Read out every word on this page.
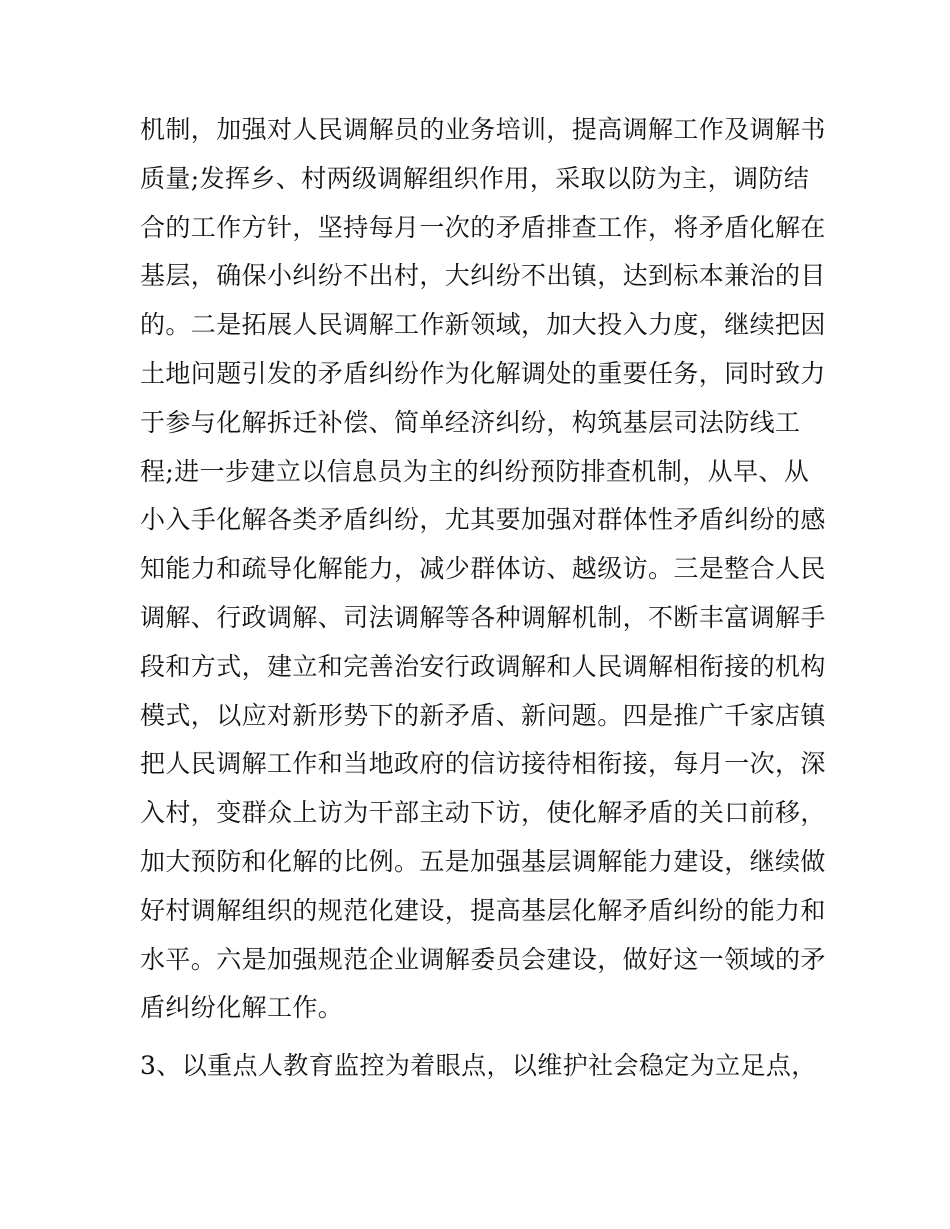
机制，加强对人民调解员的业务培训，提高调解工作及调解书
质量;发挥乡、村两级调解组织作用，采取以防为主，调防结
合的工作方针，坚持每月一次的矛盾排查工作，将矛盾化解在
基层，确保小纠纷不出村，大纠纷不出镇，达到标本兼治的目
的。二是拓展人民调解工作新领域，加大投入力度，继续把因
土地问题引发的矛盾纠纷作为化解调处的重要任务，同时致力
于参与化解拆迁补偿、简单经济纠纷，构筑基层司法防线工
程;进一步建立以信息员为主的纠纷预防排查机制，从早、从
小入手化解各类矛盾纠纷，尤其要加强对群体性矛盾纠纷的感
知能力和疏导化解能力，减少群体访、越级访。三是整合人民
调解、行政调解、司法调解等各种调解机制，不断丰富调解手
段和方式，建立和完善治安行政调解和人民调解相衔接的机构
模式，以应对新形势下的新矛盾、新问题。四是推广千家店镇
把人民调解工作和当地政府的信访接待相衔接，每月一次，深
入村，变群众上访为干部主动下访，使化解矛盾的关口前移，
加大预防和化解的比例。五是加强基层调解能力建设，继续做
好村调解组织的规范化建设，提高基层化解矛盾纠纷的能力和
水平。六是加强规范企业调解委员会建设，做好这一领域的矛
盾纠纷化解工作。
3、以重点人教育监控为着眼点，以维护社会稳定为立足点，
